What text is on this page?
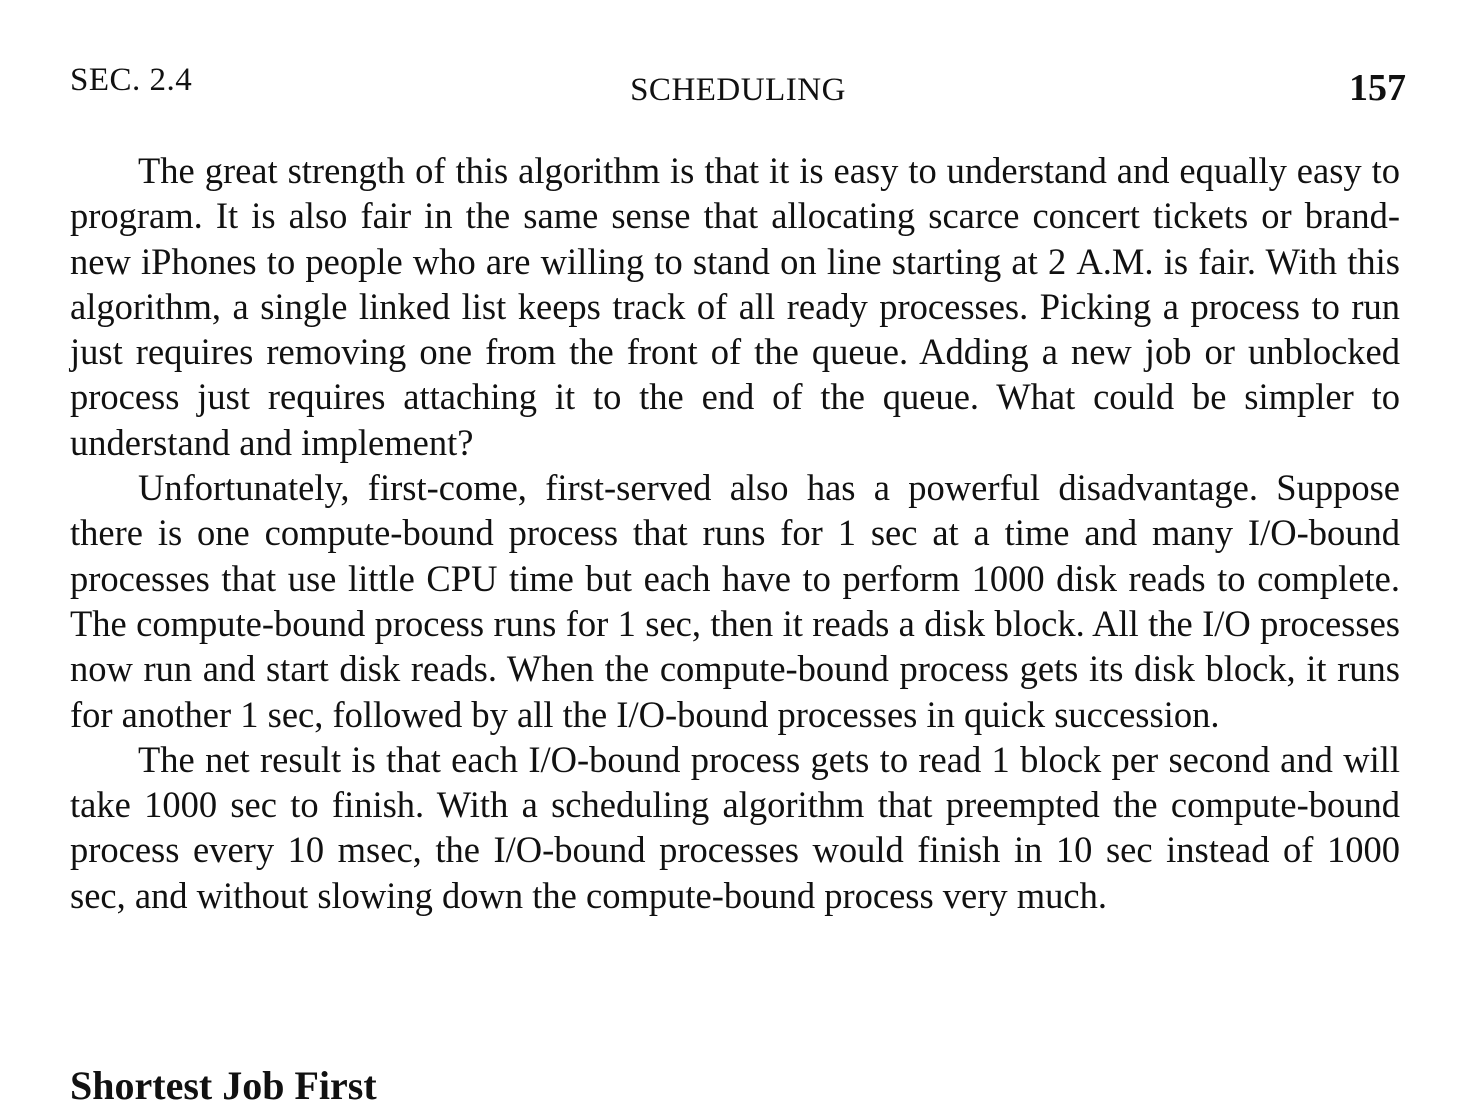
SEC. 2.4	SCHEDULING	157

The great strength of this algorithm is that it is easy to understand and equally easy to program. It is also fair in the same sense that allocating scarce concert tickets or brand-new iPhones to people who are willing to stand on line starting at 2 A.M. is fair. With this algorithm, a single linked list keeps track of all ready processes. Picking a process to run just requires removing one from the front of the queue. Adding a new job or unblocked process just requires attaching it to the end of the queue. What could be simpler to understand and implement?

Unfortunately, first-come, first-served also has a powerful disadvantage. Suppose there is one compute-bound process that runs for 1 sec at a time and many I/O-bound processes that use little CPU time but each have to perform 1000 disk reads to complete. The compute-bound process runs for 1 sec, then it reads a disk block. All the I/O processes now run and start disk reads. When the compute-bound process gets its disk block, it runs for another 1 sec, followed by all the I/O-bound processes in quick succession.

The net result is that each I/O-bound process gets to read 1 block per second and will take 1000 sec to finish. With a scheduling algorithm that preempted the compute-bound process every 10 msec, the I/O-bound processes would finish in 10 sec instead of 1000 sec, and without slowing down the compute-bound process very much.

Shortest Job First
